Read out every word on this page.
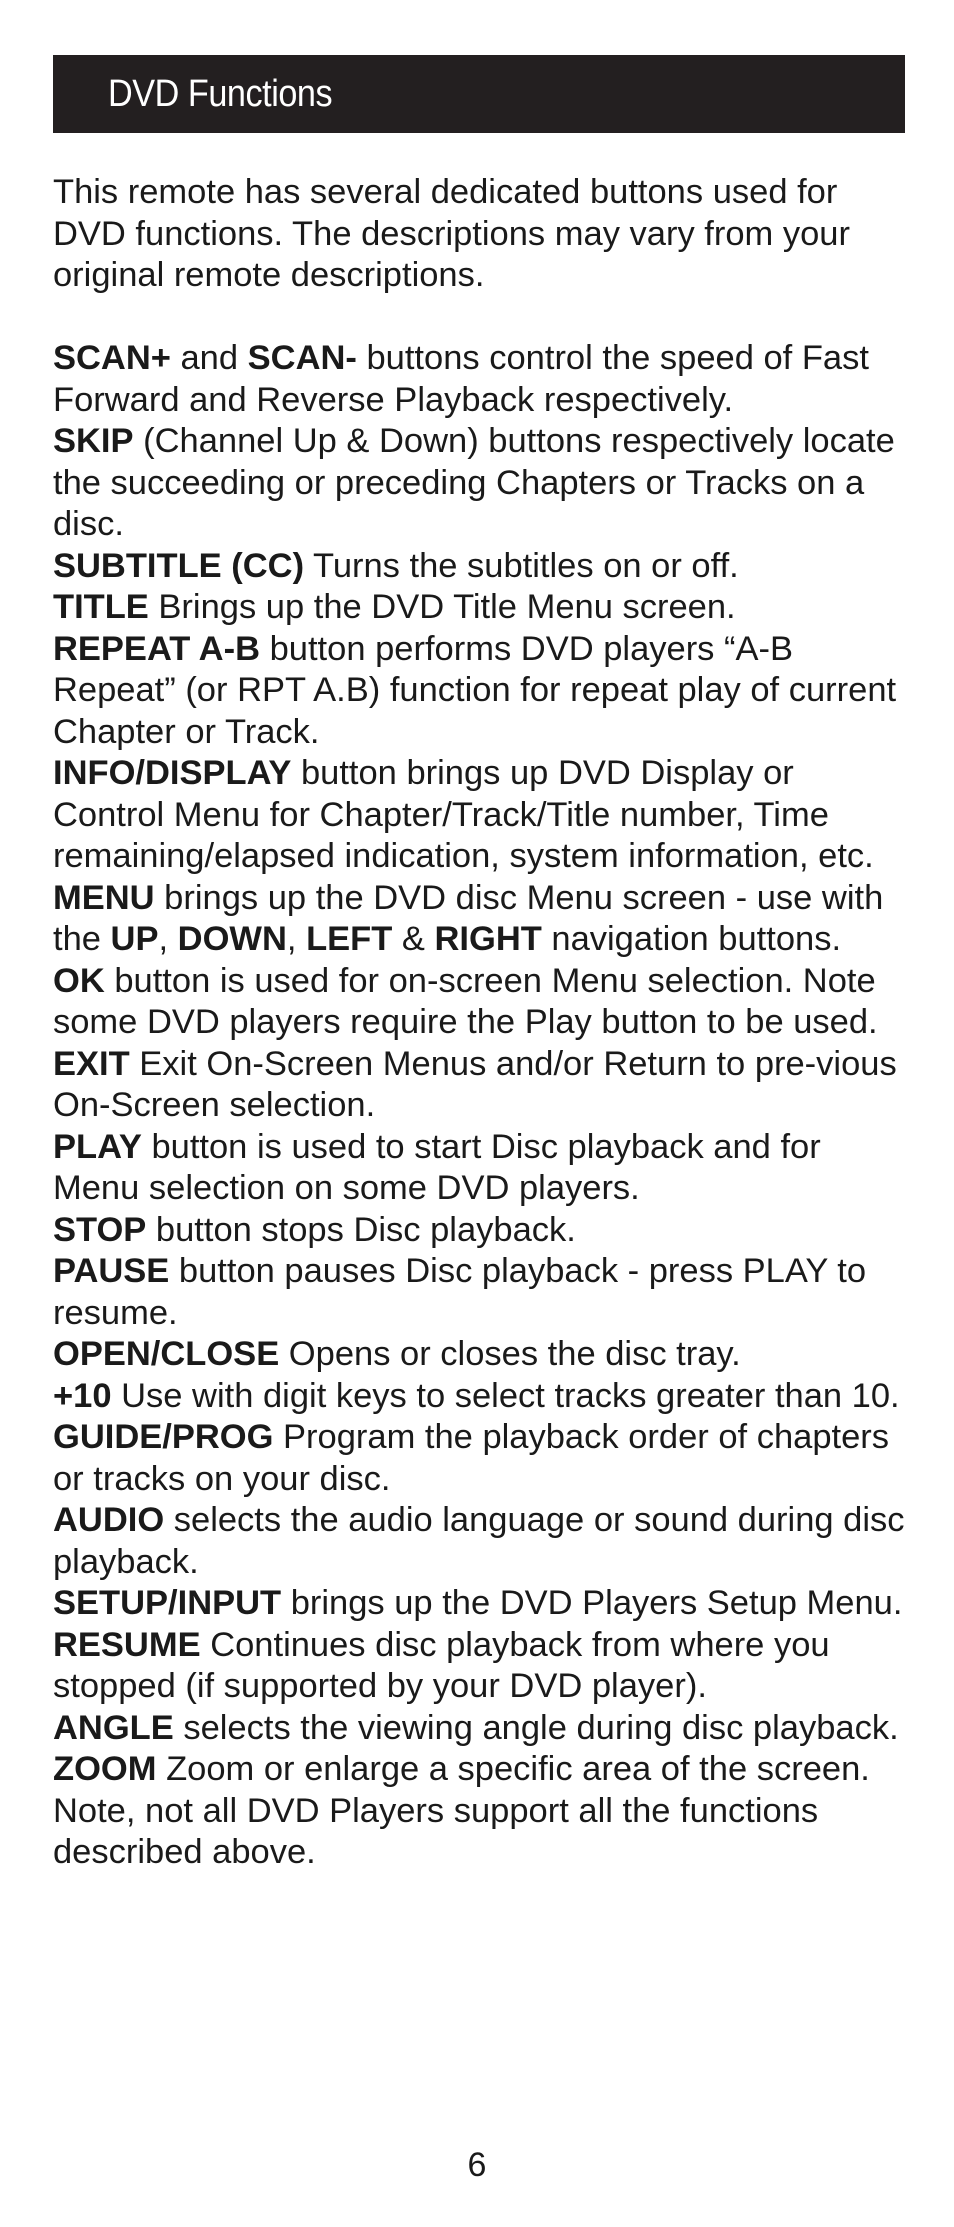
DVD Functions
This remote has several dedicated buttons used for DVD functions. The descriptions may vary from your original remote descriptions.

SCAN+ and SCAN- buttons control the speed of Fast Forward and Reverse Playback respectively.

SKIP (Channel Up & Down) buttons respectively locate the succeeding or preceding Chapters or Tracks on a disc.

SUBTITLE (CC) Turns the subtitles on or off.

TITLE Brings up the DVD Title Menu screen.

REPEAT A-B button performs DVD players “A-B Repeat” (or RPT A.B) function for repeat play of current Chapter or Track.

INFO/DISPLAY button brings up DVD Display or Control Menu for Chapter/Track/Title number, Time remaining/elapsed indication, system information, etc.

MENU brings up the DVD disc Menu screen - use with the UP, DOWN, LEFT & RIGHT navigation buttons.

OK button is used for on-screen Menu selection. Note some DVD players require the Play button to be used.

EXIT Exit On-Screen Menus and/or Return to pre-vious On-Screen selection.

PLAY button is used to start Disc playback and for Menu selection on some DVD players.

STOP button stops Disc playback.

PAUSE button pauses Disc playback - press PLAY to resume.

OPEN/CLOSE Opens or closes the disc tray.

+10 Use with digit keys to select tracks greater than 10.

GUIDE/PROG Program the playback order of chapters or tracks on your disc.

AUDIO selects the audio language or sound during disc playback.

SETUP/INPUT brings up the DVD Players Setup Menu.

RESUME Continues disc playback from where you stopped (if supported by your DVD player).

ANGLE selects the viewing angle during disc playback.

ZOOM Zoom or enlarge a specific area of the screen.

Note, not all DVD Players support all the functions described above.

6
